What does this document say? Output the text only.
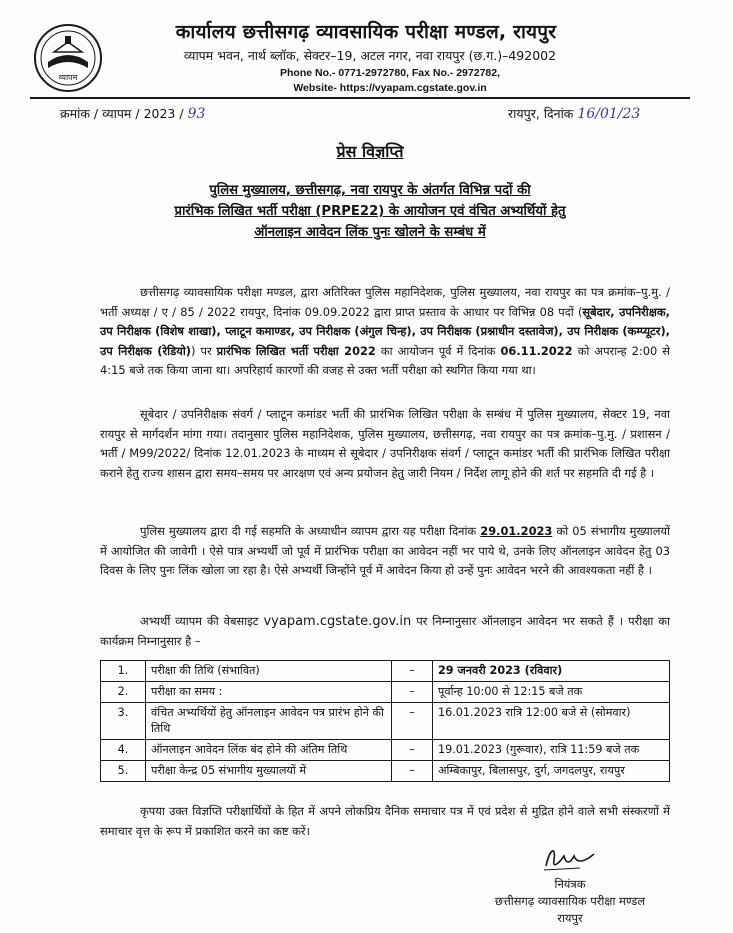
व्यापम
कार्यालय छत्तीसगढ़ व्यावसायिक परीक्षा मण्डल, रायपुर
व्यापम भवन, नार्थ ब्लॉक, सेक्टर–19, अटल नगर, नवा रायपुर (छ.ग.)–492002
Phone No.- 0771-2972780, Fax No.- 2972782,
Website- https://vyapam.cgstate.gov.in
क्रमांक / व्यापम / 2023 / 93	रायपुर, दिनांक 16/01/23
प्रेस विज्ञप्ति
पुलिस मुख्यालय, छत्तीसगढ़, नवा रायपुर के अंतर्गत विभिन्न पदों की
प्रारंभिक लिखित भर्ती परीक्षा (PRPE22) के आयोजन एवं वंचित अभ्यर्थियों हेतु
ऑनलाइन आवेदन लिंक पुनः खोलने के सम्बंध में
छत्तीसगढ़ व्यावसायिक परीक्षा मण्डल, द्वारा अतिरिक्त पुलिस महानिदेशक, पुलिस मुख्यालय, नवा रायपुर का पत्र क्रमांक–पु.मु. / भर्ती अध्यक्ष / ए / 85 / 2022 रायपुर, दिनांक 09.09.2022 द्वारा प्राप्त प्रस्ताव के आधार पर विभिन्न 08 पदों (सूबेदार, उपनिरीक्षक, उप निरीक्षक (विशेष शाखा), प्लाटून कमाण्डर, उप निरीक्षक (अंगुल चिन्ह), उप निरीक्षक (प्रश्नाधीन दस्तावेज), उप निरीक्षक (कम्प्यूटर), उप निरीक्षक (रेडियो)) पर प्रारंभिक लिखित भर्ती परीक्षा 2022 का आयोजन पूर्व में दिनांक 06.11.2022 को अपरान्ह 2:00 से 4:15 बजे तक किया जाना था। अपरिहार्य कारणों की वजह से उक्त भर्ती परीक्षा को स्थगित किया गया था।
सूबेदार / उपनिरीक्षक संवर्ग / प्लाटून कमांडर भर्ती की प्रारंभिक लिखित परीक्षा के सम्बंध में पुलिस मुख्यालय, सेक्टर 19, नवा रायपुर से मार्गदर्शन मांगा गया। तदानुसार पुलिस महानिदेशक, पुलिस मुख्यालय, छत्तीसगढ़, नवा रायपुर का पत्र क्रमांक–पु.मु. / प्रशासन / भर्ती / M99/2022/ दिनांक 12.01.2023 के माध्यम से सूबेदार / उपनिरीक्षक संवर्ग / प्लाटून कमांडर भर्ती की प्रारंभिक लिखित परीक्षा कराने हेतु राज्य शासन द्वारा समय–समय पर आरक्षण एवं अन्य प्रयोजन हेतु जारी नियम / निर्देश लागू होने की शर्त पर सहमति दी गई है ।
पुलिस मुख्यालय द्वारा दी गई सहमति के अध्याधीन व्यापम द्वारा यह परीक्षा दिनांक 29.01.2023 को 05 संभागीय मुख्यालयों में आयोजित की जावेगी । ऐसे पात्र अभ्यर्थी जो पूर्व में प्रारंभिक परीक्षा का आवेदन नहीं भर पाये थे, उनके लिए ऑनलाइन आवेदन हेतु 03 दिवस के लिए पुनः लिंक खोला जा रहा है। ऐसे अभ्यर्थी जिन्होंने पूर्व में आवेदन किया हो उन्हें पुनः आवेदन भरने की आवश्यकता नहीं है ।
अभ्यर्थी व्यापम की वेबसाइट vyapam.cgstate.gov.in पर निम्नानुसार ऑनलाइन आवेदन भर सकते हैं । परीक्षा का कार्यक्रम निम्नानुसार है –
1.	परीक्षा की तिथि (संभावित)	–	29 जनवरी 2023 (रविवार)
2.	परीक्षा का समय :	–	पूर्वान्ह 10:00 से 12:15 बजे तक
3.	वंचित अभ्यर्थियों हेतु ऑनलाइन आवेदन पत्र प्रारंभ होने की तिथि	–	16.01.2023 रात्रि 12:00 बजे से (सोमवार)
4.	ऑनलाइन आवेदन लिंक बंद होने की अंतिम तिथि	–	19.01.2023 (गुरूवार), रात्रि 11:59 बजे तक
5.	परीक्षा केन्द्र 05 संभागीय मुख्यालयों में	–	अम्बिकापुर, बिलासपुर, दुर्ग, जगदलपुर, रायपुर
कृपया उक्त विज्ञप्ति परीक्षार्थियों के हित में अपने लोकप्रिय दैनिक समाचार पत्र में एवं प्रदेश से मुद्रित होने वाले सभी संस्करणों में समाचार वृत्त के रूप में प्रकाशित करने का कष्ट करें।
नियंत्रक
छत्तीसगढ़ व्यावसायिक परीक्षा मण्डल
रायपुर
